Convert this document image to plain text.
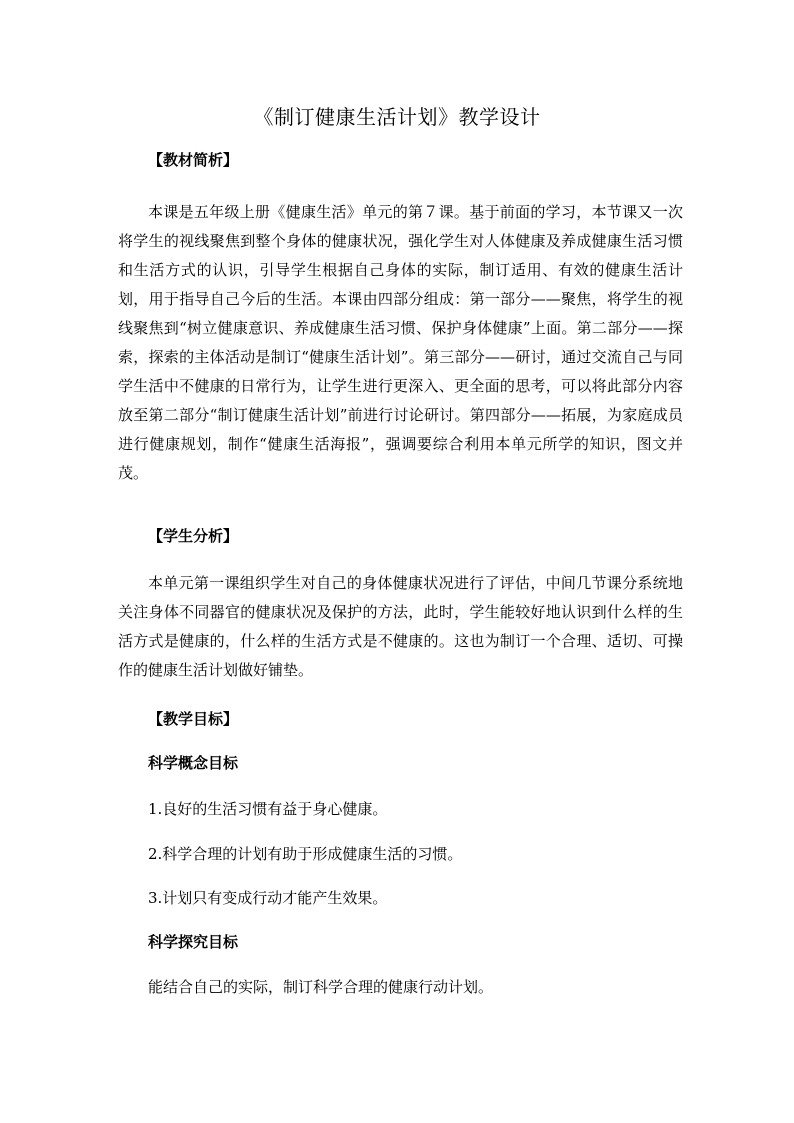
《制订健康生活计划》教学设计
【教材简析】
本课是五年级上册《健康生活》单元的第７课。基于前面的学习，本节课又一次将学生的视线聚焦到整个身体的健康状况，强化学生对人体健康及养成健康生活习惯和生活方式的认识，引导学生根据自己身体的实际，制订适用、有效的健康生活计划，用于指导自己今后的生活。本课由四部分组成：第一部分——聚焦，将学生的视线聚焦到“树立健康意识、养成健康生活习惯、保护身体健康”上面。第二部分——探索，探索的主体活动是制订“健康生活计划”。第三部分——研讨，通过交流自己与同学生活中不健康的日常行为，让学生进行更深入、更全面的思考，可以将此部分内容放至第二部分“制订健康生活计划”前进行讨论研讨。第四部分——拓展，为家庭成员进行健康规划，制作“健康生活海报”，强调要综合利用本单元所学的知识，图文并茂。
【学生分析】
本单元第一课组织学生对自己的身体健康状况进行了评估，中间几节课分系统地关注身体不同器官的健康状况及保护的方法，此时，学生能较好地认识到什么样的生活方式是健康的，什么样的生活方式是不健康的。这也为制订一个合理、适切、可操作的健康生活计划做好铺垫。
【教学目标】
科学概念目标
1.良好的生活习惯有益于身心健康。
2.科学合理的计划有助于形成健康生活的习惯。
3.计划只有变成行动才能产生效果。
科学探究目标
能结合自己的实际，制订科学合理的健康行动计划。
